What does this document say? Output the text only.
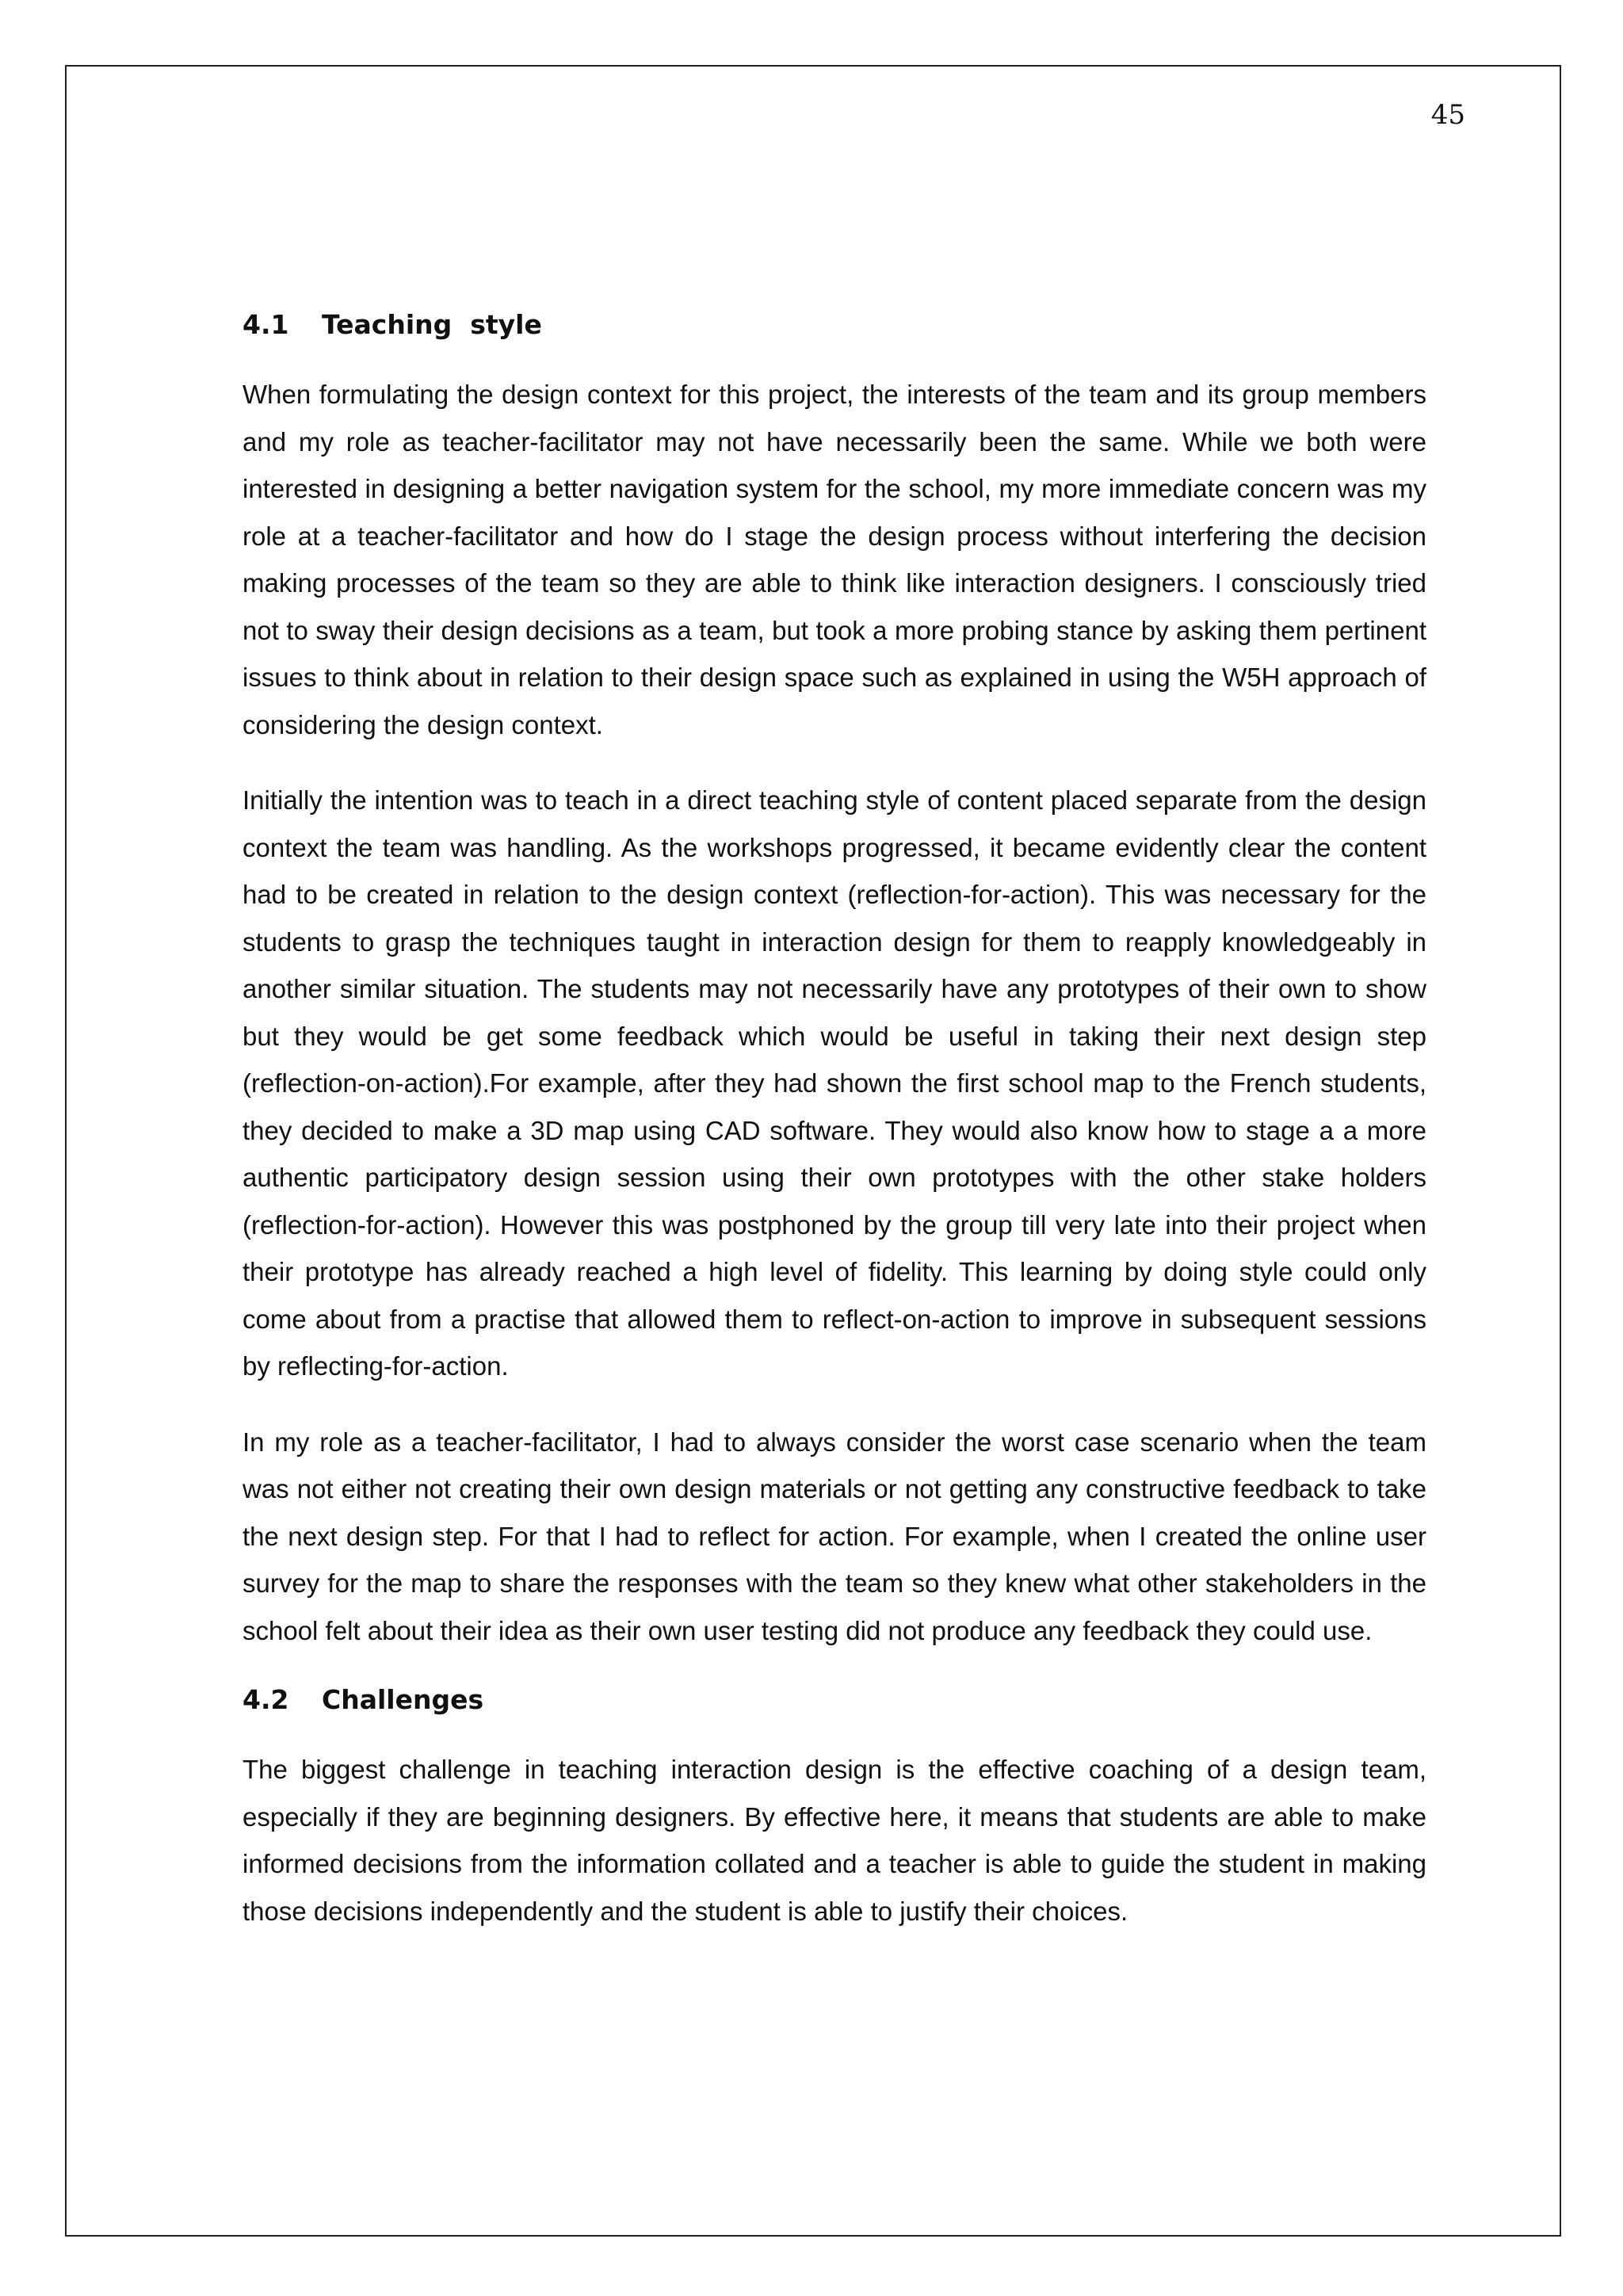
45
4.1	Teaching  style

When formulating the design context for this project, the interests of the team and its group members and my role as teacher-facilitator may not have necessarily been the same. While we both were interested in designing a better navigation system for the school, my more immediate concern was my role at a teacher-facilitator and how do I stage the design process without interfering the decision making processes of the team so they are able to think like interaction designers. I consciously tried not to sway their design decisions as a team, but took a more probing stance by asking them pertinent issues to think about in relation to their design space such as explained in using the W5H approach of considering the design context.

Initially the intention was to teach in a direct teaching style of content placed separate from the design context the team was handling. As the workshops progressed, it became evidently clear the content had to be created in relation to the design context (reflection-for-action). This was necessary for the students to grasp the techniques taught in interaction design for them to reapply knowledgeably in another similar situation. The students may not necessarily have any prototypes of their own to show but they would be get some feedback which would be useful in taking their next design step (reflection-on-action).For example, after they had shown the first school map to the French students, they decided to make a 3D map using CAD software. They would also know how to stage a a more authentic participatory design session using their own prototypes with the other stake holders (reflection-for-action). However this was postphoned by the group till very late into their project when their prototype has already reached a high level of fidelity. This learning by doing style could only come about from a practise that allowed them to reflect-on-action to improve in subsequent sessions by reflecting-for-action.

In my role as a teacher-facilitator, I had to always consider the worst case scenario when the team was not either not creating their own design materials or not getting any constructive feedback to take the next design step. For that I had to reflect for action. For example, when I created the online user survey for the map to share the responses with the team so they knew what other stakeholders in the school felt about their idea as their own user testing did not produce any feedback they could use.

4.2	Challenges

The biggest challenge in teaching interaction design is the effective coaching of a design team, especially if they are beginning designers. By effective here, it means that students are able to make informed decisions from the information collated and a teacher is able to guide the student in making those decisions independently and the student is able to justify their choices.
